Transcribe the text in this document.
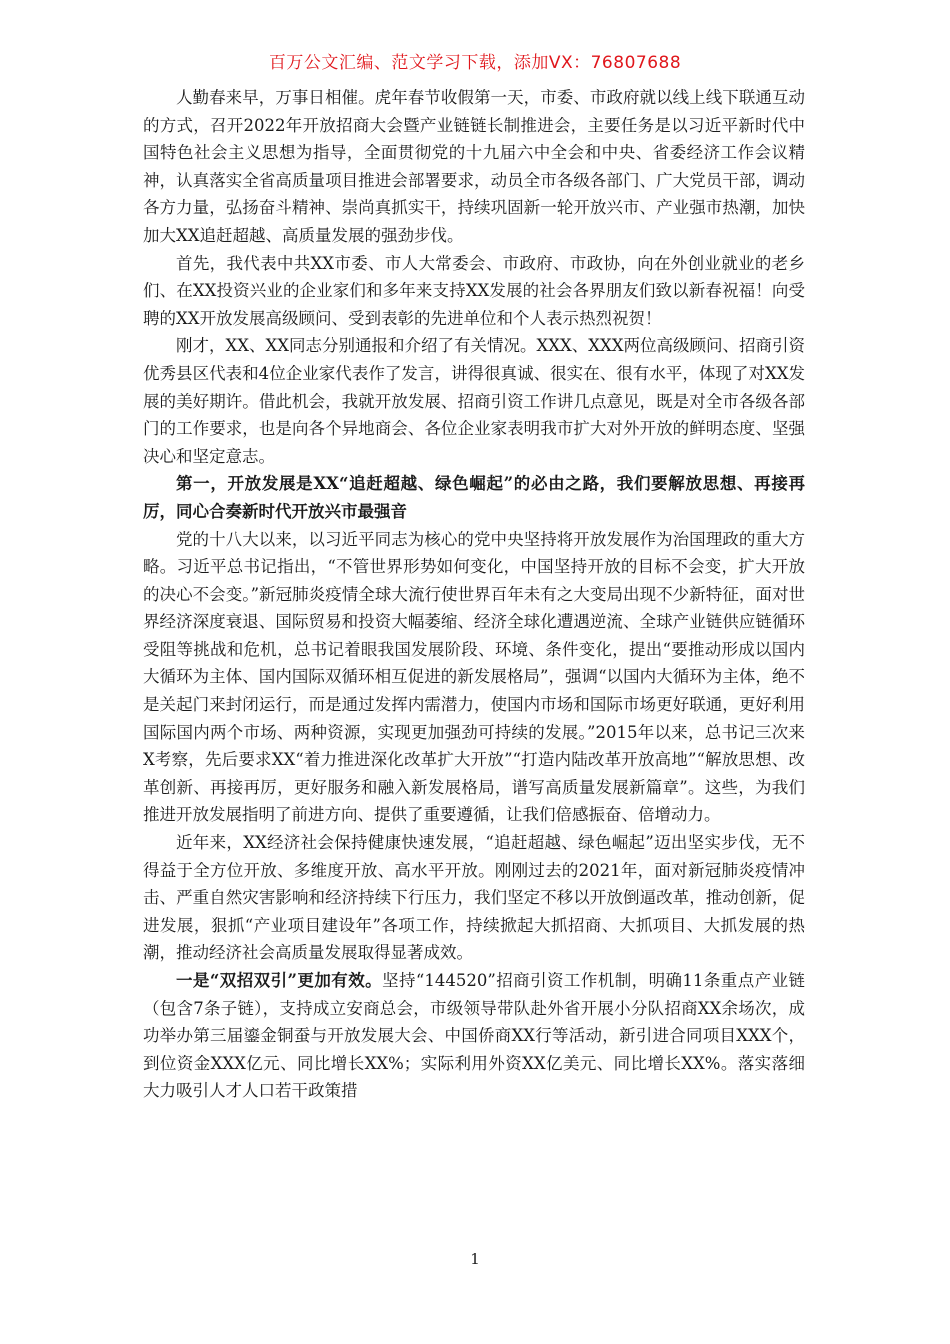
百万公文汇编、范文学习下载，添加VX：76807688

人勤春来早，万事日相催。虎年春节收假第一天，市委、市政府就以线上线下联通互动的方式，召开2022年开放招商大会暨产业链链长制推进会，主要任务是以习近平新时代中国特色社会主义思想为指导，全面贯彻党的十九届六中全会和中央、省委经济工作会议精神，认真落实全省高质量项目推进会部署要求，动员全市各级各部门、广大党员干部，调动各方力量，弘扬奋斗精神、崇尚真抓实干，持续巩固新一轮开放兴市、产业强市热潮，加快加大XX追赶超越、高质量发展的强劲步伐。

首先，我代表中共XX市委、市人大常委会、市政府、市政协，向在外创业就业的老乡们、在XX投资兴业的企业家们和多年来支持XX发展的社会各界朋友们致以新春祝福！向受聘的XX开放发展高级顾问、受到表彰的先进单位和个人表示热烈祝贺！

刚才，XX、XX同志分别通报和介绍了有关情况。XXX、XXX两位高级顾问、招商引资优秀县区代表和4位企业家代表作了发言，讲得很真诚、很实在、很有水平，体现了对XX发展的美好期许。借此机会，我就开放发展、招商引资工作讲几点意见，既是对全市各级各部门的工作要求，也是向各个异地商会、各位企业家表明我市扩大对外开放的鲜明态度、坚强决心和坚定意志。

第一，开放发展是XX“追赶超越、绿色崛起”的必由之路，我们要解放思想、再接再厉，同心合奏新时代开放兴市最强音

党的十八大以来，以习近平同志为核心的党中央坚持将开放发展作为治国理政的重大方略。习近平总书记指出，“不管世界形势如何变化，中国坚持开放的目标不会变，扩大开放的决心不会变。”新冠肺炎疫情全球大流行使世界百年未有之大变局出现不少新特征，面对世界经济深度衰退、国际贸易和投资大幅萎缩、经济全球化遭遇逆流、全球产业链供应链循环受阻等挑战和危机，总书记着眼我国发展阶段、环境、条件变化，提出“要推动形成以国内大循环为主体、国内国际双循环相互促进的新发展格局”，强调“以国内大循环为主体，绝不是关起门来封闭运行，而是通过发挥内需潜力，使国内市场和国际市场更好联通，更好利用国际国内两个市场、两种资源，实现更加强劲可持续的发展。”2015年以来，总书记三次来X考察，先后要求XX“着力推进深化改革扩大开放”“打造内陆改革开放高地”“解放思想、改革创新、再接再厉，更好服务和融入新发展格局，谱写高质量发展新篇章”。这些，为我们推进开放发展指明了前进方向、提供了重要遵循，让我们倍感振奋、倍增动力。

近年来，XX经济社会保持健康快速发展，“追赶超越、绿色崛起”迈出坚实步伐，无不得益于全方位开放、多维度开放、高水平开放。刚刚过去的2021年，面对新冠肺炎疫情冲击、严重自然灾害影响和经济持续下行压力，我们坚定不移以开放倒逼改革，推动创新，促进发展，狠抓“产业项目建设年”各项工作，持续掀起大抓招商、大抓项目、大抓发展的热潮，推动经济社会高质量发展取得显著成效。

一是“双招双引”更加有效。坚持“144520”招商引资工作机制，明确11条重点产业链（包含7条子链），支持成立安商总会，市级领导带队赴外省开展小分队招商XX余场次，成功举办第三届鎏金铜蚕与开放发展大会、中国侨商XX行等活动，新引进合同项目XXX个，到位资金XXX亿元、同比增长XX%；实际利用外资XX亿美元、同比增长XX%。落实落细大力吸引人才人口若干政策措

1
